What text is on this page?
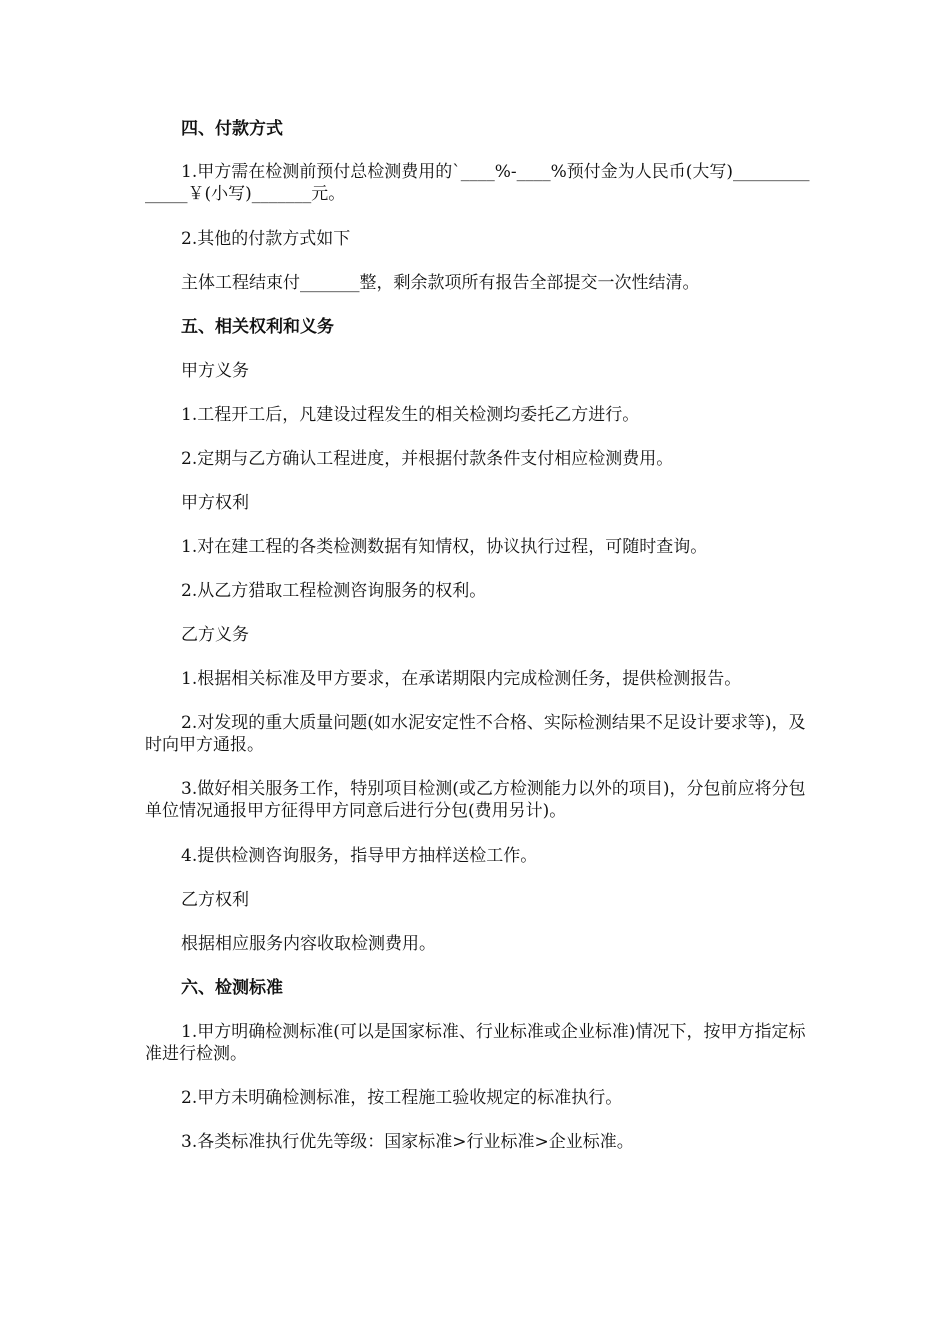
四、付款方式

1.甲方需在检测前预付总检测费用的`____%-____%预付金为人民币(大写)______________￥(小写)_______元。

2.其他的付款方式如下

主体工程结束付_______整，剩余款项所有报告全部提交一次性结清。

五、相关权利和义务

甲方义务

1.工程开工后，凡建设过程发生的相关检测均委托乙方进行。

2.定期与乙方确认工程进度，并根据付款条件支付相应检测费用。

甲方权利

1.对在建工程的各类检测数据有知情权，协议执行过程，可随时查询。

2.从乙方猎取工程检测咨询服务的权利。

乙方义务

1.根据相关标准及甲方要求，在承诺期限内完成检测任务，提供检测报告。

2.对发现的重大质量问题(如水泥安定性不合格、实际检测结果不足设计要求等)，及时向甲方通报。

3.做好相关服务工作，特别项目检测(或乙方检测能力以外的项目)，分包前应将分包单位情况通报甲方征得甲方同意后进行分包(费用另计)。

4.提供检测咨询服务，指导甲方抽样送检工作。

乙方权利

根据相应服务内容收取检测费用。

六、检测标准

1.甲方明确检测标准(可以是国家标准、行业标准或企业标准)情况下，按甲方指定标准进行检测。

2.甲方未明确检测标准，按工程施工验收规定的标准执行。

3.各类标准执行优先等级：国家标准>行业标准>企业标准。
